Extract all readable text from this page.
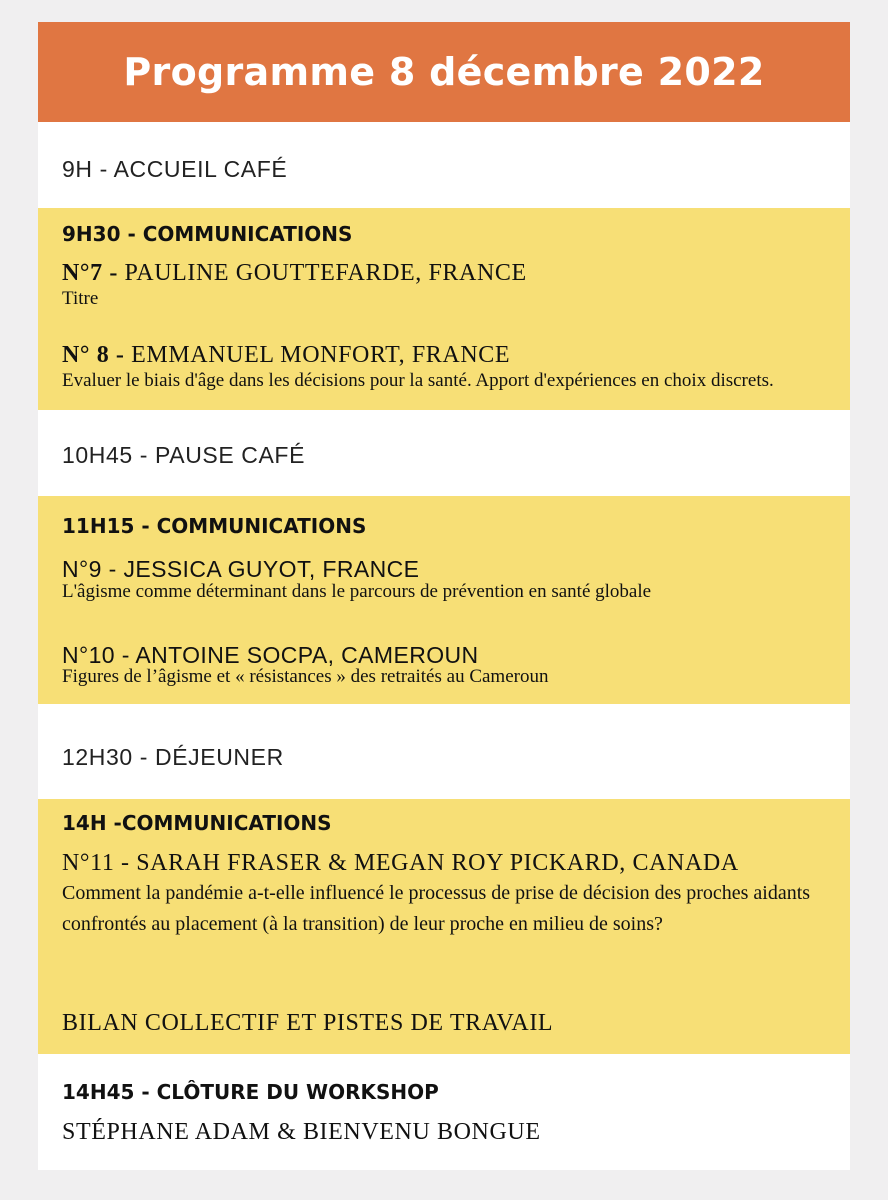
Programme 8 décembre 2022
9H - ACCUEIL CAFÉ
9H30 - COMMUNICATIONS
N°7 - PAULINE GOUTTEFARDE, FRANCE
Titre
N° 8 - EMMANUEL MONFORT, FRANCE
Evaluer le biais d'âge dans les décisions pour la santé. Apport d'expériences en choix discrets.
10H45 - PAUSE CAFÉ
11H15 - COMMUNICATIONS
N°9 - JESSICA GUYOT, FRANCE
L'âgisme comme déterminant dans le parcours de prévention en santé globale
N°10 - ANTOINE SOCPA, CAMEROUN
Figures de l’âgisme et « résistances » des retraités au Cameroun
12H30 - DÉJEUNER
14H -COMMUNICATIONS
N°11 - SARAH FRASER & MEGAN ROY PICKARD, CANADA
Comment la pandémie a-t-elle influencé le processus de prise de décision des proches aidants confrontés au placement (à la transition) de leur proche en milieu de soins?
BILAN COLLECTIF ET PISTES DE TRAVAIL
14H45 - CLÔTURE DU WORKSHOP
STÉPHANE ADAM & BIENVENU BONGUE
